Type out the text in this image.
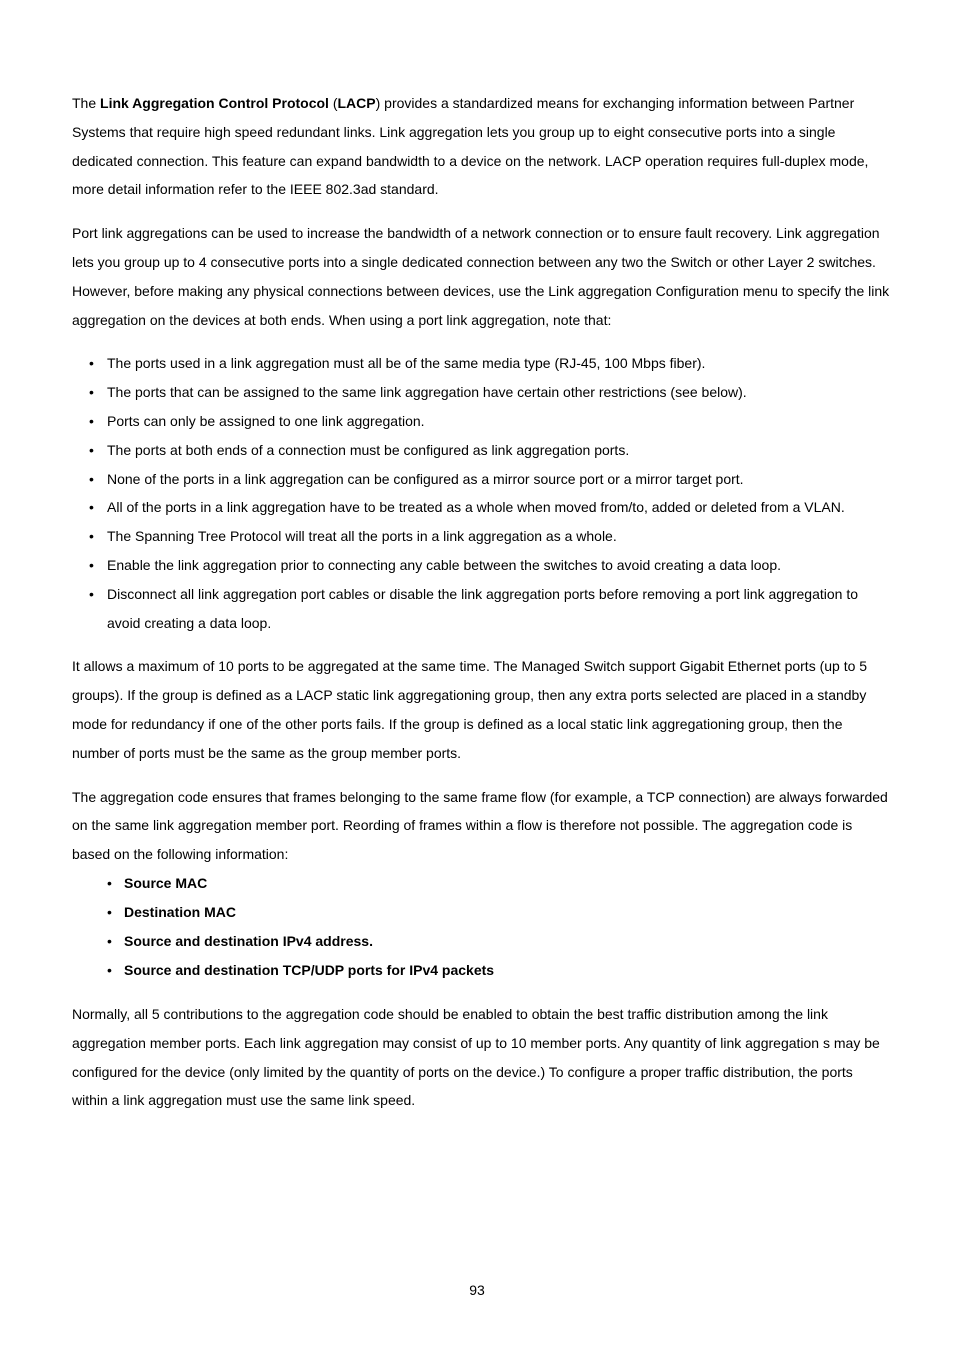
The Link Aggregation Control Protocol (LACP) provides a standardized means for exchanging information between Partner Systems that require high speed redundant links. Link aggregation lets you group up to eight consecutive ports into a single dedicated connection. This feature can expand bandwidth to a device on the network. LACP operation requires full-duplex mode, more detail information refer to the IEEE 802.3ad standard.

Port link aggregations can be used to increase the bandwidth of a network connection or to ensure fault recovery. Link aggregation lets you group up to 4 consecutive ports into a single dedicated connection between any two the Switch or other Layer 2 switches. However, before making any physical connections between devices, use the Link aggregation Configuration menu to specify the link aggregation on the devices at both ends. When using a port link aggregation, note that:

• The ports used in a link aggregation must all be of the same media type (RJ-45, 100 Mbps fiber).
• The ports that can be assigned to the same link aggregation have certain other restrictions (see below).
• Ports can only be assigned to one link aggregation.
• The ports at both ends of a connection must be configured as link aggregation ports.
• None of the ports in a link aggregation can be configured as a mirror source port or a mirror target port.
• All of the ports in a link aggregation have to be treated as a whole when moved from/to, added or deleted from a VLAN.
• The Spanning Tree Protocol will treat all the ports in a link aggregation as a whole.
• Enable the link aggregation prior to connecting any cable between the switches to avoid creating a data loop.
• Disconnect all link aggregation port cables or disable the link aggregation ports before removing a port link aggregation to avoid creating a data loop.

It allows a maximum of 10 ports to be aggregated at the same time. The Managed Switch support Gigabit Ethernet ports (up to 5 groups). If the group is defined as a LACP static link aggregationing group, then any extra ports selected are placed in a standby mode for redundancy if one of the other ports fails. If the group is defined as a local static link aggregationing group, then the number of ports must be the same as the group member ports.

The aggregation code ensures that frames belonging to the same frame flow (for example, a TCP connection) are always forwarded on the same link aggregation member port. Reording of frames within a flow is therefore not possible. The aggregation code is based on the following information:

• Source MAC
• Destination MAC
• Source and destination IPv4 address.
• Source and destination TCP/UDP ports for IPv4 packets

Normally, all 5 contributions to the aggregation code should be enabled to obtain the best traffic distribution among the link aggregation member ports. Each link aggregation may consist of up to 10 member ports. Any quantity of link aggregation s may be configured for the device (only limited by the quantity of ports on the device.) To configure a proper traffic distribution, the ports within a link aggregation must use the same link speed.

93
